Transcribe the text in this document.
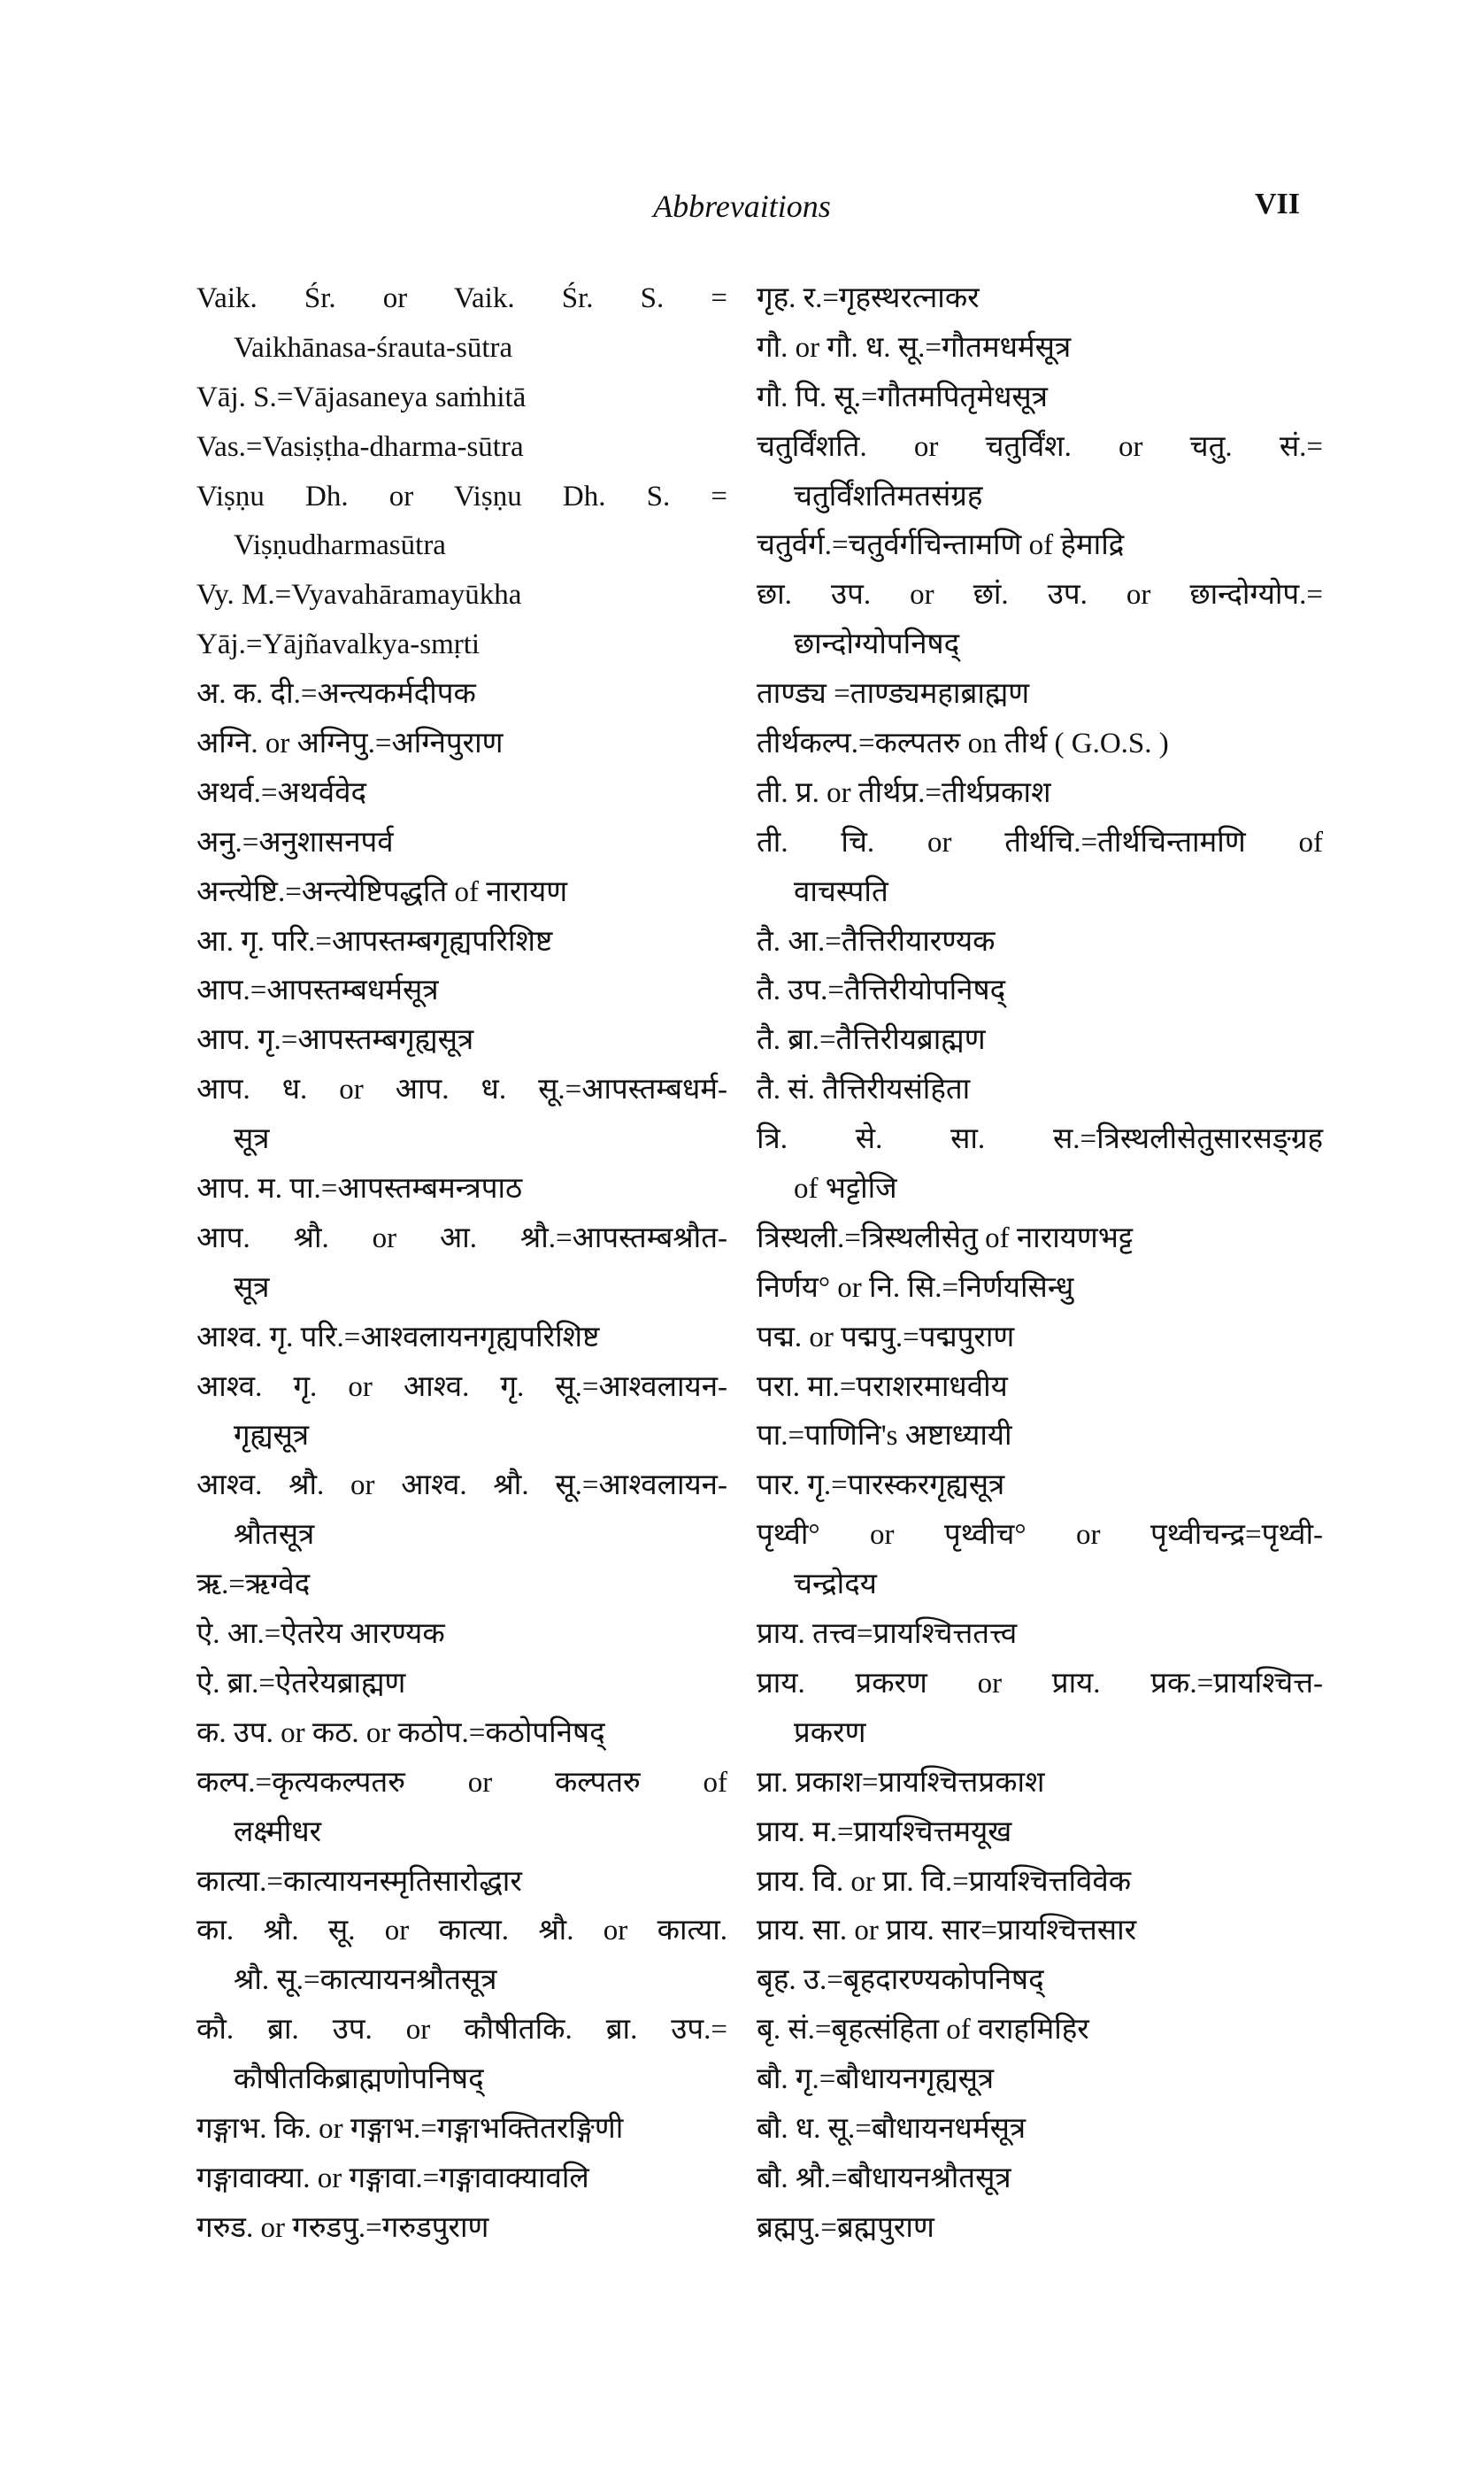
Abbrevaitions	VII
Vaik. Śr. or Vaik. Śr. S. =
Vaikhānasa-śrauta-sūtra
Vāj. S.=Vājasaneya saṁhitā
Vas.=Vasiṣṭha-dharma-sūtra
Viṣṇu Dh. or Viṣṇu Dh. S. =
Viṣṇudharmasūtra
Vy. M.=Vyavahāramayūkha
Yāj.=Yājñavalkya-smṛti
अ. क. दी.=अन्त्यकर्मदीपक
अग्नि. or अग्निपु.=अग्निपुराण
अथर्व.=अथर्ववेद
अनु.=अनुशासनपर्व
अन्त्येष्टि.=अन्त्येष्टिपद्धति of नारायण
आ. गृ. परि.=आपस्तम्बगृह्यपरिशिष्ट
आप.=आपस्तम्बधर्मसूत्र
आप. गृ.=आपस्तम्बगृह्यसूत्र
आप. ध. or आप. ध. सू.=आपस्तम्बधर्म-
सूत्र
आप. म. पा.=आपस्तम्बमन्त्रपाठ
आप. श्रौ. or आ. श्रौ.=आपस्तम्बश्रौत-
सूत्र
आश्व. गृ. परि.=आश्वलायनगृह्यपरिशिष्ट
आश्व. गृ. or आश्व. गृ. सू.=आश्वलायन-
गृह्यसूत्र
आश्व. श्रौ. or आश्व. श्रौ. सू.=आश्वलायन-
श्रौतसूत्र
ऋ.=ऋग्वेद
ऐ. आ.=ऐतरेय आरण्यक
ऐ. ब्रा.=ऐतरेयब्राह्मण
क. उप. or कठ. or कठोप.=कठोपनिषद्
कल्प.=कृत्यकल्पतरु or कल्पतरु of
लक्ष्मीधर
कात्या.=कात्यायनस्मृतिसारोद्धार
का. श्रौ. सू. or कात्या. श्रौ. or कात्या.
श्रौ. सू.=कात्यायनश्रौतसूत्र
कौ. ब्रा. उप. or कौषीतकि. ब्रा. उप.=
कौषीतकिब्राह्मणोपनिषद्
गङ्गाभ. कि. or गङ्गाभ.=गङ्गाभक्तितरङ्गिणी
गङ्गावाक्या. or गङ्गावा.=गङ्गावाक्यावलि
गरुड. or गरुडपु.=गरुडपुराण
गृह. र.=गृहस्थरत्नाकर
गौ. or गौ. ध. सू.=गौतमधर्मसूत्र
गौ. पि. सू.=गौतमपितृमेधसूत्र
चतुर्विंशति. or चतुर्विंश. or चतु. सं.=
चतुर्विंशतिमतसंग्रह
चतुर्वर्ग.=चतुर्वर्गचिन्तामणि of हेमाद्रि
छा. उप. or छां. उप. or छान्दोग्योप.=
छान्दोग्योपनिषद्
ताण्ड्य =ताण्ड्यमहाब्राह्मण
तीर्थकल्प.=कल्पतरु on तीर्थ ( G.O.S. )
ती. प्र. or तीर्थप्र.=तीर्थप्रकाश
ती. चि. or तीर्थचि.=तीर्थचिन्तामणि of
वाचस्पति
तै. आ.=तैत्तिरीयारण्यक
तै. उप.=तैत्तिरीयोपनिषद्
तै. ब्रा.=तैत्तिरीयब्राह्मण
तै. सं. तैत्तिरीयसंहिता
त्रि. से. सा. स.=त्रिस्थलीसेतुसारसङ्ग्रह
of भट्टोजि
त्रिस्थली.=त्रिस्थलीसेतु of नारायणभट्ट
निर्णय° or नि. सि.=निर्णयसिन्धु
पद्म. or पद्मपु.=पद्मपुराण
परा. मा.=पराशरमाधवीय
पा.=पाणिनि's अष्टाध्यायी
पार. गृ.=पारस्करगृह्यसूत्र
पृथ्वी° or पृथ्वीच° or पृथ्वीचन्द्र=पृथ्वी-
चन्द्रोदय
प्राय. तत्त्व=प्रायश्चित्ततत्त्व
प्राय. प्रकरण or प्राय. प्रक.=प्रायश्चित्त-
प्रकरण
प्रा. प्रकाश=प्रायश्चित्तप्रकाश
प्राय. म.=प्रायश्चित्तमयूख
प्राय. वि. or प्रा. वि.=प्रायश्चित्तविवेक
प्राय. सा. or प्राय. सार=प्रायश्चित्तसार
बृह. उ.=बृहदारण्यकोपनिषद्
बृ. सं.=बृहत्संहिता of वराहमिहिर
बौ. गृ.=बौधायनगृह्यसूत्र
बौ. ध. सू.=बौधायनधर्मसूत्र
बौ. श्रौ.=बौधायनश्रौतसूत्र
ब्रह्मपु.=ब्रह्मपुराण
